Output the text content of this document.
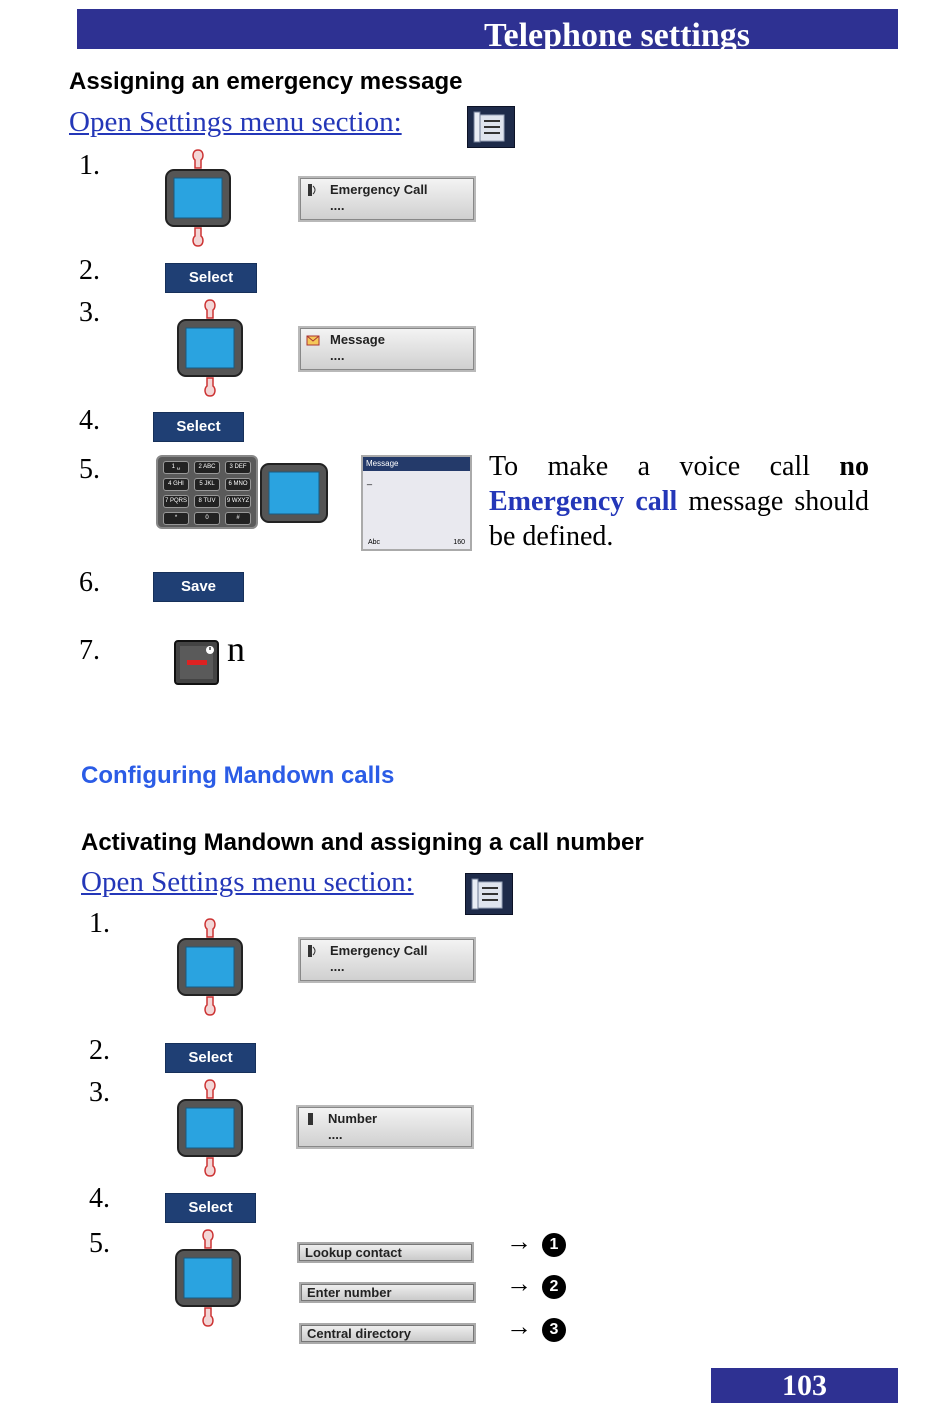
Telephone settings
Assigning an emergency message
Open Settings menu section:
1.
2.
3.
4.
5.
6.
7.
Emergency Call
....
Select
Message
....
Select
1 ␣	2 ABC	3 DEF
4 GHI	5 JKL	6 MNO
7 PQRS	8 TUV	9 WXYZ
*	0	#
Message
_
Abc	160
To make a voice call no Emergency call message should be defined.
Save
n
Configuring Mandown calls
Activating Mandown and assigning a call number
Open Settings menu section:
1.
2.
3.
4.
5.
Emergency Call
....
Select
Number
....
Select
Lookup contact	→	1
Enter number	→	2
Central directory	→	3
103
